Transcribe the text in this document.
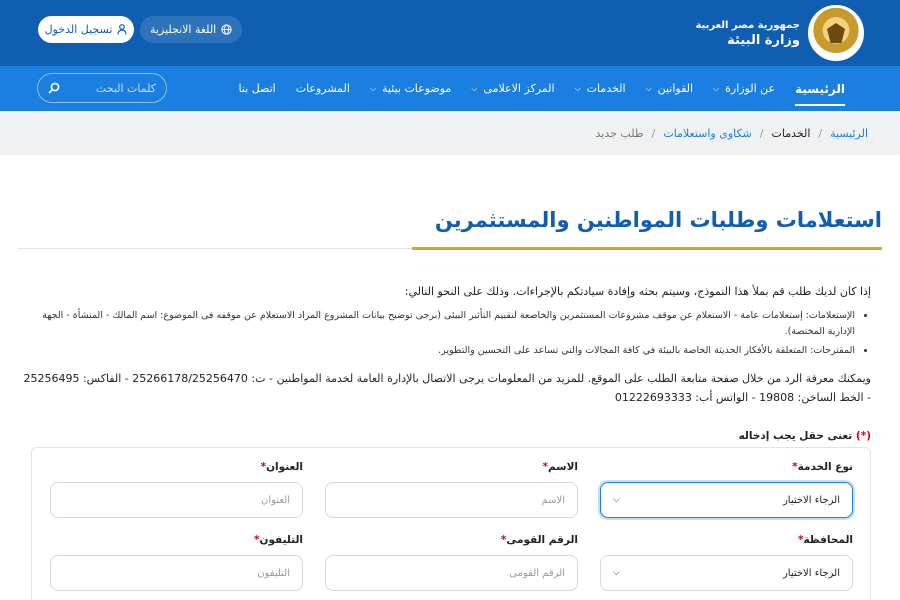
جمهورية مصر العربية
وزارة البيئة
اللغة الانجليزية
تسجيل الدخول
الرئيسية
عن الوزارة
⌵
القوانين
⌵
الخدمات
⌵
المركز الاعلامى
⌵
موضوعات بيئية
⌵
المشروعات
اتصل بنا
كلمات البحث
الرئيسية
/
الخدمات
/
شكاوى واستعلامات
/
طلب جديد
استعلامات وطلبات المواطنين والمستثمرين

إذا كان لديك طلب قم بملأ هذا النموذج، وسيتم بحثه وإفادة سيادتكم بالإجراءات. وذلك على النحو التالي:

• الإستعلامات: إستعلامات عامة - الاستعلام عن موقف مشروعات المستثمرين والخاصعة لتقييم التأثير البيئى (برجى توضيح بيانات المشروع المراد الاستعلام عن موقفه فى الموضوع: اسم المالك - المنشأة - الجهة الإدارية المختصة).
• المقترحات: المتعلقة بالأفكار الحديثة الخاصة بالبيئة في كافة المجالات والتي تساعد على التحسين والتطوير.

ويمكنك معرفة الرد من خلال صفحة متابعة الطلب على الموقع. للمزيد من المعلومات يرجى الاتصال بالإدارة العامة لخدمة المواطنين - ت: 25266178/25256470 - الفاكس: 25256495 - الخط الساخن: 19808 - الواتس أب: 01222693333

(*) تعنى حقل يجب إدخاله
نوع الخدمة*
الرجاء الاختيار
⌵
الاسم*
الاسم
العنوان*
العنوان
المحافظة*
الرجاء الاختيار
⌵
الرقم القومى*
الرقم القومى
التليفون*
التليفون
